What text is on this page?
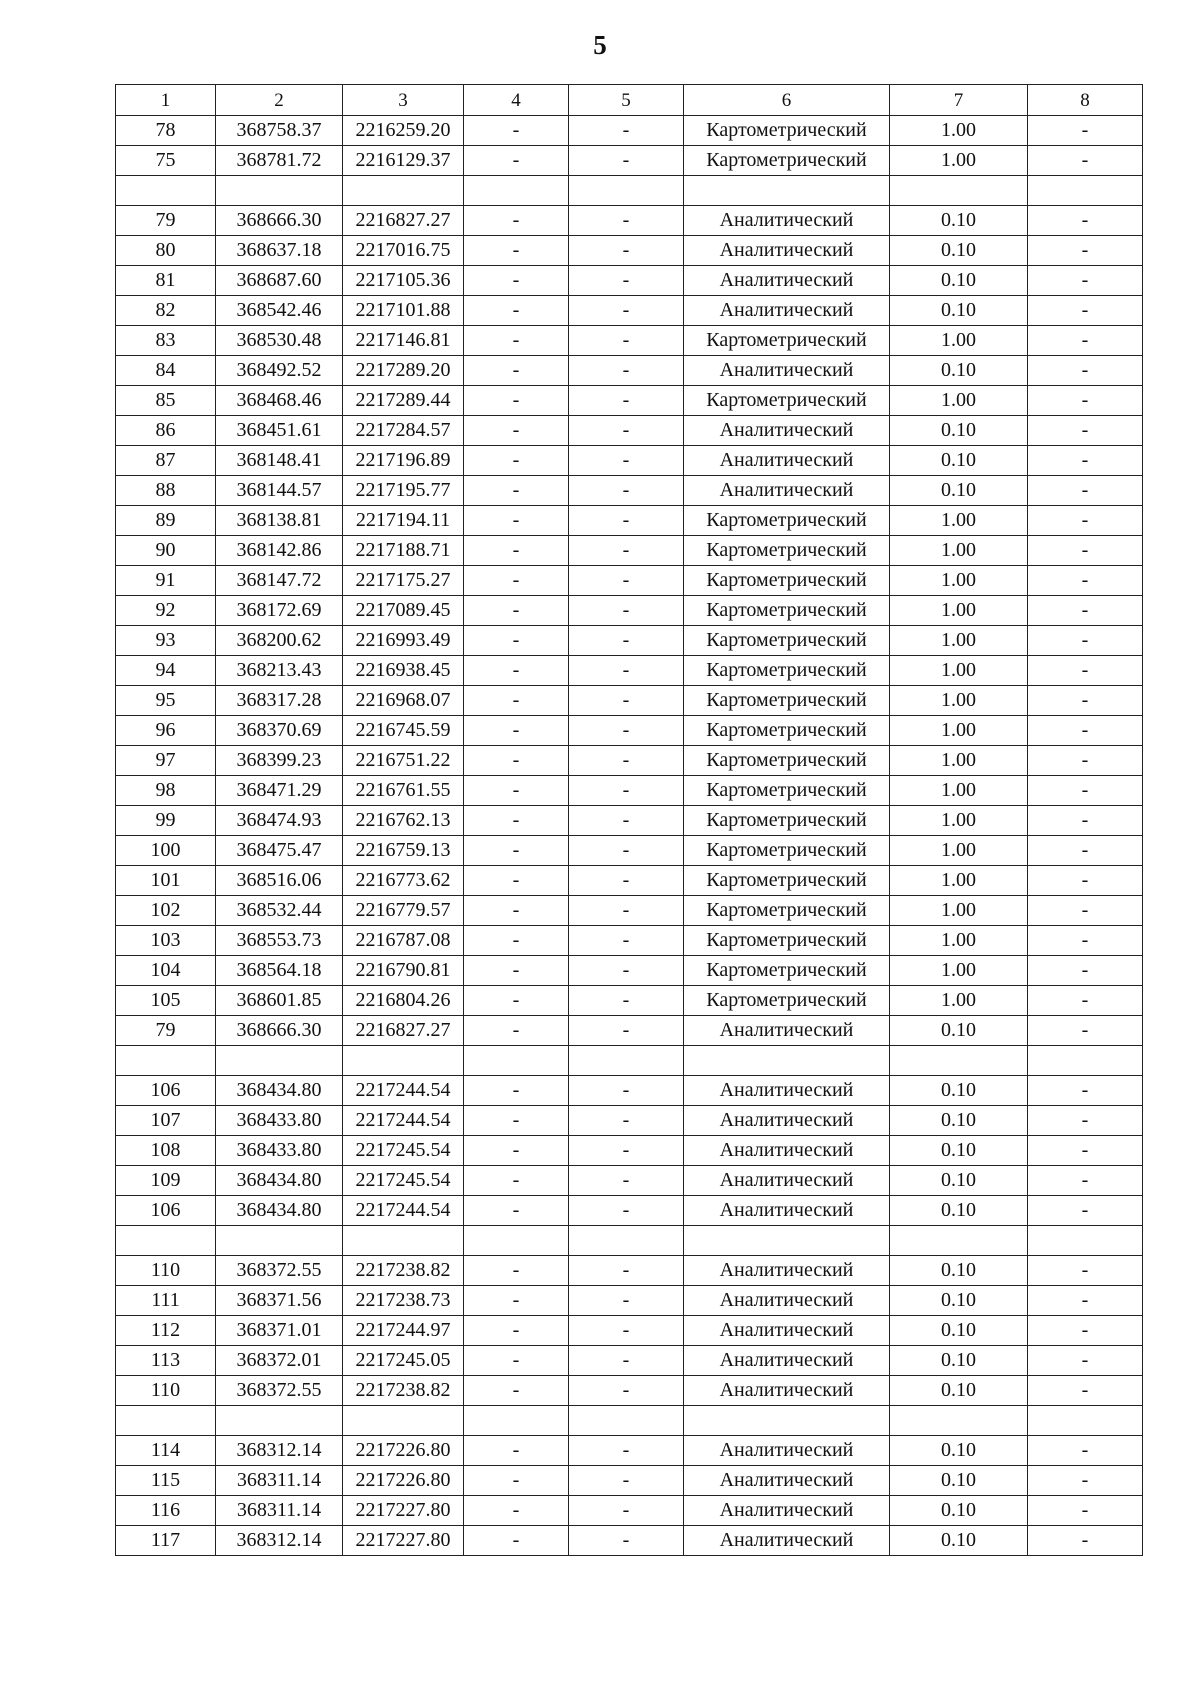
5
1	2	3	4	5	6	7	8
78	368758.37	2216259.20	-	-	Картометрический	1.00	-
75	368781.72	2216129.37	-	-	Картометрический	1.00	-

79	368666.30	2216827.27	-	-	Аналитический	0.10	-
80	368637.18	2217016.75	-	-	Аналитический	0.10	-
81	368687.60	2217105.36	-	-	Аналитический	0.10	-
82	368542.46	2217101.88	-	-	Аналитический	0.10	-
83	368530.48	2217146.81	-	-	Картометрический	1.00	-
84	368492.52	2217289.20	-	-	Аналитический	0.10	-
85	368468.46	2217289.44	-	-	Картометрический	1.00	-
86	368451.61	2217284.57	-	-	Аналитический	0.10	-
87	368148.41	2217196.89	-	-	Аналитический	0.10	-
88	368144.57	2217195.77	-	-	Аналитический	0.10	-
89	368138.81	2217194.11	-	-	Картометрический	1.00	-
90	368142.86	2217188.71	-	-	Картометрический	1.00	-
91	368147.72	2217175.27	-	-	Картометрический	1.00	-
92	368172.69	2217089.45	-	-	Картометрический	1.00	-
93	368200.62	2216993.49	-	-	Картометрический	1.00	-
94	368213.43	2216938.45	-	-	Картометрический	1.00	-
95	368317.28	2216968.07	-	-	Картометрический	1.00	-
96	368370.69	2216745.59	-	-	Картометрический	1.00	-
97	368399.23	2216751.22	-	-	Картометрический	1.00	-
98	368471.29	2216761.55	-	-	Картометрический	1.00	-
99	368474.93	2216762.13	-	-	Картометрический	1.00	-
100	368475.47	2216759.13	-	-	Картометрический	1.00	-
101	368516.06	2216773.62	-	-	Картометрический	1.00	-
102	368532.44	2216779.57	-	-	Картометрический	1.00	-
103	368553.73	2216787.08	-	-	Картометрический	1.00	-
104	368564.18	2216790.81	-	-	Картометрический	1.00	-
105	368601.85	2216804.26	-	-	Картометрический	1.00	-
79	368666.30	2216827.27	-	-	Аналитический	0.10	-

106	368434.80	2217244.54	-	-	Аналитический	0.10	-
107	368433.80	2217244.54	-	-	Аналитический	0.10	-
108	368433.80	2217245.54	-	-	Аналитический	0.10	-
109	368434.80	2217245.54	-	-	Аналитический	0.10	-
106	368434.80	2217244.54	-	-	Аналитический	0.10	-

110	368372.55	2217238.82	-	-	Аналитический	0.10	-
111	368371.56	2217238.73	-	-	Аналитический	0.10	-
112	368371.01	2217244.97	-	-	Аналитический	0.10	-
113	368372.01	2217245.05	-	-	Аналитический	0.10	-
110	368372.55	2217238.82	-	-	Аналитический	0.10	-

114	368312.14	2217226.80	-	-	Аналитический	0.10	-
115	368311.14	2217226.80	-	-	Аналитический	0.10	-
116	368311.14	2217227.80	-	-	Аналитический	0.10	-
117	368312.14	2217227.80	-	-	Аналитический	0.10	-
